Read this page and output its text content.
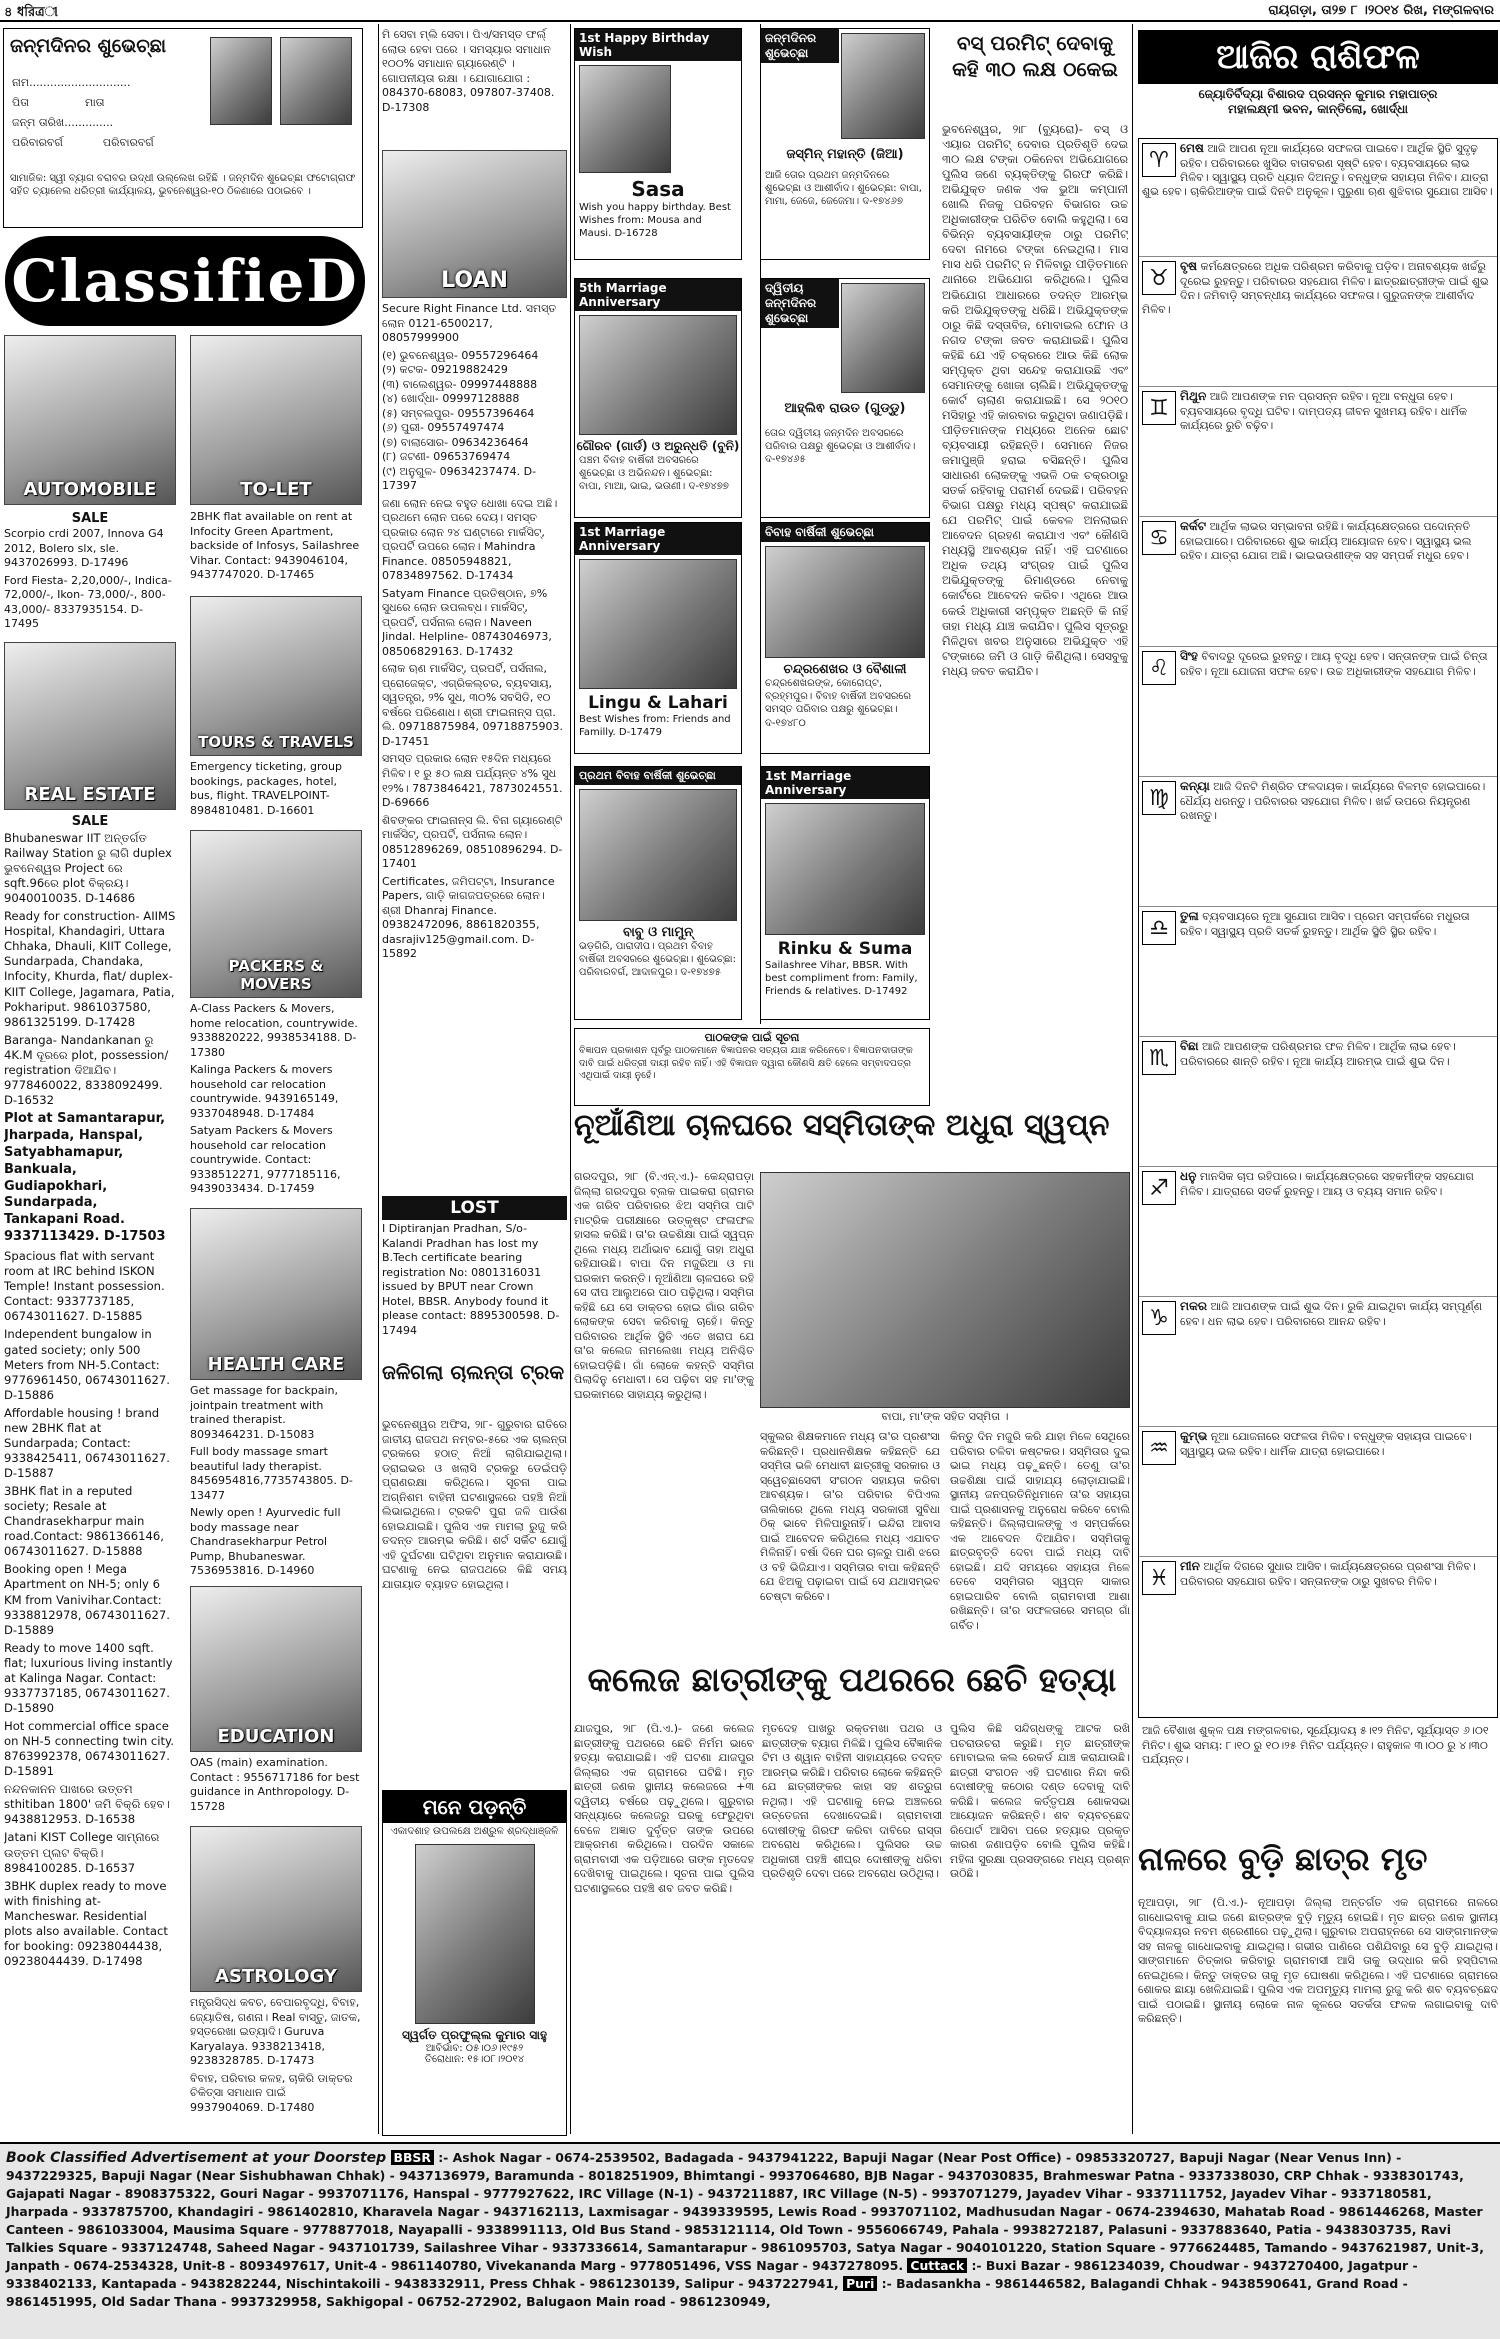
৪ ধরিত্রୀ	ରାୟଗଡ଼ା, ତା୨୭ ୮ ।୨୦୧୪ ରିଖ, ମଙ୍ଗଳବାର
ଜନ୍ମଦିନର ଶୁଭେଚ୍ଛା
ନାମ.............................
ପିତା	ମାତା
ଜନ୍ମ ତାରିଖ..............
ପରିବାରବର୍ଗ	ପରିବାରବର୍ଗ
ସାମାଜିକ: ସ୍ୱୀ ବ୍ୟାଗ ବରାବର ଉଦ୍ଧୀ ଉଲ୍ଲେଖ ରହିଛି । ଜନ୍ମଦିନ ଶୁଭେଚ୍ଛା ଫଟୋଗ୍ରାଫ ସହିତ ଚ୍ୟାନେଲ ଧରିତ୍ରୀ କାର୍ଯ୍ୟାଳୟ, ଭୁବନେଶ୍ୱର-୧୦ ଠିକଣାରେ ପଠାଇବେ ।
ClassifieD
AUTOMOBILE
SALE

Scorpio crdi 2007, Innova G4 2012, Bolero slx, sle. 9437026993. D-17496

Ford Fiesta- 2,20,000/-, Indica- 72,000/-, Ikon- 73,000/-, 800- 43,000/- 8337935154. D-17495

REAL ESTATE
SALE

Bhubaneswar IIT ଅନ୍ତର୍ଗତ Railway Station ରୁ ଲାଗି duplex ଭୁବନେଶ୍ୱର Project ରେ sqft.96ରେ plot ବିକ୍ରୟ। 9040010035. D-14686

Ready for construction- AIIMS Hospital, Khandagiri, Uttara Chhaka, Dhauli, KIIT College, Sundarpada, Chandaka, Infocity, Khurda, flat/ duplex- KIIT College, Jagamara, Patia, Pokhariput. 9861037580, 9861325199. D-17428

Baranga- Nandankanan ରୁ 4K.M ଦୂରରେ plot, possession/ registration ଦିଆଯିବ। 9778460022, 8338092499. D-16532

Plot at Samantarapur, Jharpada, Hanspal, Satyabhamapur, Bankuala, Gudiapokhari, Sundarpada, Tankapani Road. 9337113429. D-17503

Spacious flat with servant room at IRC behind ISKON Temple! Instant possession. Contact: 9337737185, 06743011627. D-15885

Independent bungalow in gated society; only 500 Meters from NH-5.Contact: 9776961450, 06743011627. D-15886

Affordable housing ! brand new 2BHK flat at Sundarpada; Contact: 9338425411, 06743011627. D-15887

3BHK flat in a reputed society; Resale at Chandrasekharpur main road.Contact: 9861366146, 06743011627. D-15888

Booking open ! Mega Apartment on NH-5; only 6 KM from Vanivihar.Contact: 9338812978, 06743011627. D-15889

Ready to move 1400 sqft. flat; luxurious living instantly at Kalinga Nagar. Contact: 9337737185, 06743011627. D-15890

Hot commercial office space on NH-5 connecting twin city. 8763992378, 06743011627. D-15891

ନନ୍ଦନକାନନ ପାଖରେ ଉତ୍ତମ sthitiban 1800' ଜମି ବିକ୍ରି ହେବ। 9438812953. D-16538

Jatani KIST College ସାମ୍ନାରେ ଉତ୍ତମ ପ୍ଲଟ ବିକ୍ରି। 8984100285. D-16537

3BHK duplex ready to move with finishing at-Mancheswar. Residential plots also available. Contact for booking: 09238044438, 09238044439. D-17498

TO-LET
2BHK flat available on rent at Infocity Green Apartment, backside of Infosys, Sailashree Vihar. Contact: 9439046104, 9437747020. D-17465
TOURS & TRAVELS
Emergency ticketing, group bookings, packages, hotel, bus, flight. TRAVELPOINT- 8984810481. D-16601
PACKERS & MOVERS

A-Class Packers & Movers, home relocation, countrywide. 9338820222, 9938534188. D-17380

Kalinga Packers & movers household car relocation countrywide. 9439165149, 9337048948. D-17484

Satyam Packers & Movers household car relocation countrywide. Contact: 9338512271, 9777185116, 9439033434. D-17459

HEALTH CARE

Get massage for backpain, jointpain treatment with trained therapist. 8093464231. D-15083

Full body massage smart beautiful lady therapist. 8456954816,7735743805. D-13477

Newly open ! Ayurvedic full body massage near Chandrasekharpur Petrol Pump, Bhubaneswar. 7536953816. D-14960

EDUCATION
OAS (main) examination. Contact : 9556717186 for best guidance in Anthropology. D-15728
ASTROLOGY

ମନ୍ତ୍ରସିଦ୍ଧ କବଚ, ବେପାରବୃଦ୍ଧି, ବିବାହ, ଜ୍ୟୋତିଷ, ଗଣନା। Real ବାସ୍ତୁ, ଜାତକ, ହସ୍ତରେଖା ଇତ୍ୟାଦି। Guruva Karyalaya. 9338213418, 9238328785. D-17473

ବିବାହ, ପରିବାର କଳହ, ଚାକିରି ଡାକ୍ତର ଚିକିତ୍ସା ସମାଧାନ ପାଇଁ 9937904069. D-17480

ମି ସେବା ମ୍ଲି ସେବା। ପିଏ/ସମସ୍ତ ଫର୍ଲ୍ ଲୋଉ ହେବା ପରେ । ସମସ୍ୟାର ସମାଧାନ ୧୦୦% ସମାଧାନ ଗ୍ୟାରେଣ୍ଟି । ଗୋପନୀୟତା ରକ୍ଷା । ଯୋଗାଯୋଗ : 084370-68083, 097807-37408. D-17308
LOAN

Secure Right Finance Ltd. ସମସ୍ତ ଲୋନ 0121-6500217, 08057999900

(୧) ଭୁବନେଶ୍ୱର- 09557296464
(୨) କଟକ- 09219882429
(୩) ବାଲେଶ୍ୱର- 09997448888
(୪) ଖୋର୍ଦ୍ଧା- 09997128888
(୫) ସମ୍ବଲପୁର- 09557396464
(୬) ପୁରୀ- 09557497474
(୭) ବାଲାସୋର- 09634236464
(୮) ଜଟଣୀ- 09653769474

(୯) ଅନୁଗୁଳ- 09634237474. D-17397

ଜଣା ଲୋନ ନେଇ ବହୁତ ଧୋଖା ଦେଇ ଅଛି। ପ୍ରଥମେ ଲୋନ ପରେ ଦେୟ। ସମସ୍ତ ପ୍ରକାର ଲୋନ ୨୪ ଘଣ୍ଟାରେ ମାର୍କସିଟ୍, ପ୍ରପର୍ଟି ଉପରେ ଲୋନ। Mahindra Finance. 08505948821, 07834897562. D-17434

Satyam Finance ପ୍ରତିଷ୍ଠାନ, ୭% ସୁଧରେ ଲୋନ ଉପଲବ୍ଧ। ମାର୍କସିଟ୍, ପ୍ରପର୍ଟି, ପର୍ସନାଲ ଲୋନ। Naveen Jindal. Helpline- 08743046973, 08506829163. D-17432

ଲୋକ ଋଣ ମାର୍କସିଟ୍, ପ୍ରପର୍ଟି, ପର୍ସନାଲ, ପ୍ରୋଜେକ୍ଟ, ଏଗ୍ରିକଲ୍ଚର, ବ୍ୟବସାୟ, ସ୍ୱତନ୍ତ୍ର, ୨% ସୁଧ, ୩୦% ସବସିଡି, ୧୦ ବର୍ଷରେ ପରିଶୋଧ। ଶ୍ରୀ ଫାଇନାନ୍ସ ପ୍ରା. ଲି. 09718875984, 09718875903. D-17451

ସମସ୍ତ ପ୍ରକାର ଲୋନ ୧୫ଦିନ ମଧ୍ୟରେ ମିଳିବ। ୧ ରୁ ୫୦ ଲକ୍ଷ ପର୍ଯ୍ୟନ୍ତ ୪% ସୁଧ ୧୨%। 7873846421, 7873024551. D-69666

ଶିବଙ୍କର ଫାଇନାନ୍ସ ଲି. ବିନା ଗ୍ୟାରେଣ୍ଟି ମାର୍କସିଟ୍, ପ୍ରପର୍ଟି, ପର୍ସନାଲ ଲୋନ। 08512896269, 08510896294. D-17401

Certificates, ଜମିପଟ୍ଟା, Insurance Papers, ଗାଡ଼ି କାଗଜପତ୍ରରେ ଲୋନ। ଶ୍ରୀ Dhanraj Finance. 09382472096, 8861820355, dasrajiv125@gmail.com. D-15892

LOST
I Diptiranjan Pradhan, S/o- Kalandi Pradhan has lost my B.Tech certificate bearing registration No: 0801316031 issued by BPUT near Crown Hotel, BBSR. Anybody found it please contact: 8895300598. D-17494
ଜଳିଗଲା ଚାଲନ୍ତା ଟ୍ରକ
ଭୁବନେଶ୍ୱର ଅଫିସ, ୨ା୮- ଗୁରୁବାର ରାତିରେ ଜାତୀୟ ରାଜପଥ ନମ୍ବର-୫ରେ ଏକ ଚାଲନ୍ତା ଟ୍ରକରେ ହଠାତ୍ ନିଆଁ ଲାଗିଯାଇଥିଲା। ଡ୍ରାଇଭର ଓ ଖଲାସି ଟ୍ରକରୁ ଡେଇଁପଡ଼ି ପ୍ରାଣରକ୍ଷା କରିଥିଲେ। ସୂଚନା ପାଇ ଅଗ୍ନିଶମ ବାହିନୀ ଘଟଣାସ୍ଥଳରେ ପହଞ୍ଚି ନିଆଁ ଲିଭାଇଥିଲେ। ଟ୍ରକଟି ପୁରା ଜଳି ପାଉଁଶ ହୋଇଯାଇଛି। ପୁଲିସ ଏକ ମାମଲା ରୁଜୁ କରି ତଦନ୍ତ ଆରମ୍ଭ କରିଛି। ଶର୍ଟ ସର୍କିଟ ଯୋଗୁଁ ଏହି ଦୁର୍ଘଟଣା ଘଟିଥିବା ଅନୁମାନ କରାଯାଉଛି। ଘଟଣାକୁ ନେଇ ରାଜପଥରେ କିଛି ସମୟ ଯାତାୟାତ ବ୍ୟାହତ ହୋଇଥିଲା।
ମନେ ପଡ଼ନ୍ତି
ଏକାଦଶାହ ଉପଲକ୍ଷେ ଅଶ୍ରୁଳ ଶ୍ରଦ୍ଧାଞ୍ଜଳି
ସ୍ୱର୍ଗତ ପ୍ରଫୁଲ୍ଲ କୁମାର ସାହୁ
ଆବିର୍ଭାବ: ୦୫।୦୬।୧୯୫୨
ତିରୋଧାନ: ୧୫।୦୮।୨୦୧୪
1st Happy Birthday Wish
Sasa
Wish you happy birthday. Best Wishes from: Mousa and Mausi. D-16728
ଜନ୍ମଦିନର ଶୁଭେଚ୍ଛା
ଜସ୍ମିନ୍ ମହାନ୍ତି (ଜିଆ)
ଆଜି ତୋର ପ୍ରଥମ ଜନ୍ମଦିନରେ ଶୁଭେଚ୍ଛା ଓ ଆଶୀର୍ବାଦ। ଶୁଭେଚ୍ଛା: ବାପା, ମାମା, ଜେଜେ, ଜେଜେମା। ଦ-୧୭୪୬୭
5th Marriage Anniversary
ଗୌରବ (ଗାର୍ଡ) ଓ ଅରୁନ୍ଧତି (ବୁନି)
ପଞ୍ଚମ ବିବାହ ବାର୍ଷିକୀ ଅବସରରେ ଶୁଭେଚ୍ଛା ଓ ଅଭିନନ୍ଦନ। ଶୁଭେଚ୍ଛା: ବାପା, ମାଆ, ଭାଇ, ଭଉଣୀ। ଦ-୧୭୪୭୭
ଦ୍ୱିତୀୟ ଜନ୍ମଦିନର ଶୁଭେଚ୍ଛା
ଆହ୍ଲିଵ ରାଉତ (ଗୁଡ୍ଡୁ)
ତୋର ଦ୍ୱିତୀୟ ଜନ୍ମଦିନ ଅବସରରେ ପରିବାର ପକ୍ଷରୁ ଶୁଭେଚ୍ଛା ଓ ଆଶୀର୍ବାଦ। ଦ-୧୭୪୬୫
1st Marriage Anniversary
Lingu & Lahari
Best Wishes from: Friends and Familly. D-17479
ବିବାହ ବାର୍ଷିକୀ ଶୁଭେଚ୍ଛା
ଚନ୍ଦ୍ରଶେଖର ଓ ବୈଶାଳୀ
ଚନ୍ଦ୍ରଶେଖରଙ୍କ, କୋରୋପ୍ଟ, ବ୍ରହ୍ମପୁର। ବିବାହ ବାର୍ଷିକୀ ଅବସରରେ ସମସ୍ତ ପରିବାର ପକ୍ଷରୁ ଶୁଭେଚ୍ଛା। ଦ-୧୭୪୮୦
ପ୍ରଥମ ବିବାହ ବାର୍ଷିକୀ ଶୁଭେଚ୍ଛା
ବାବୁ ଓ ମାମୁନ୍
ଭଡ଼ଗିରି, ପାରାଦୀପ। ପ୍ରଥମ ବିବାହ ବାର୍ଷିକୀ ଅବସରରେ ଶୁଭେଚ୍ଛା। ଶୁଭେଚ୍ଛା: ପରିବାରବର୍ଗ, ଆଦାଳପୁର। ଦ-୧୭୪୭୫
1st Marriage Anniversary
Rinku & Suma
Sailashree Vihar, BBSR. With best compliment from: Family, Friends & relatives. D-17492
ପାଠକଙ୍କ ପାଇଁ ସୂଚନା
ବିଜ୍ଞାପନ ପ୍ରକାଶନ ପୂର୍ବରୁ ପାଠକମାନେ ବିଜ୍ଞାପନର ସତ୍ୟତା ଯାଞ୍ଚ କରିନେବେ। ବିଜ୍ଞାପନଦାତାଙ୍କ ଦାବି ପାଇଁ ଧରିତ୍ରୀ ଦାୟୀ ରହିବ ନାହିଁ। ଏହି ବିଜ୍ଞାପନ ଦ୍ୱାରା କୌଣସି କ୍ଷତି ହେଲେ ସମ୍ବାଦପତ୍ର ଏଥିପାଇଁ ଦାୟୀ ନୁହେଁ।
ବସ୍ ପରମିଟ୍ ଦେବାକୁ କହି ୩୦ ଲକ୍ଷ ଠକେଇ
ଭୁବନେଶ୍ୱର, ୨ା୮ (ବ୍ୟୁରୋ)- ବସ୍ ଓ ଏୟାର ପରମିଟ୍ ଦେବାର ପ୍ରତିଶୃତି ଦେଇ ୩୦ ଲକ୍ଷ ଟଙ୍କା ଠକିନେବା ଅଭିଯୋଗରେ ପୁଲିସ ଜଣେ ବ୍ୟକ୍ତିଙ୍କୁ ଗିରଫ କରିଛି। ଅଭିଯୁକ୍ତ ଜଣକ ଏକ ଭୁଆ କମ୍ପାନୀ ଖୋଲି ନିଜକୁ ପରିବହନ ବିଭାଗର ଉଚ୍ଚ ଅଧିକାରୀଙ୍କ ପରିଚିତ ବୋଲି କହୁଥିଲା। ସେ ବିଭିନ୍ନ ବ୍ୟବସାୟୀଙ୍କ ଠାରୁ ପରମିଟ୍ ଦେବା ନାମରେ ଟଙ୍କା ନେଇଥିଲା। ମାସ ମାସ ଧରି ପରମିଟ୍ ନ ମିଳିବାରୁ ପୀଡ଼ିତମାନେ ଥାନାରେ ଅଭିଯୋଗ କରିଥିଲେ। ପୁଲିସ ଅଭିଯୋଗ ଆଧାରରେ ତଦନ୍ତ ଆରମ୍ଭ କରି ଅଭିଯୁକ୍ତଙ୍କୁ ଧରିଛି। ଅଭିଯୁକ୍ତଙ୍କ ଠାରୁ କିଛି ଦସ୍ତାବିଜ, ମୋବାଇଲ ଫୋନ ଓ ନଗଦ ଟଙ୍କା ଜବତ କରାଯାଇଛି। ପୁଲିସ କହିଛି ଯେ ଏହି ଚକ୍ରରେ ଆଉ କିଛି ଲୋକ ସମ୍ପୃକ୍ତ ଥିବା ସନ୍ଦେହ କରାଯାଉଛି ଏବଂ ସେମାନଙ୍କୁ ଖୋଜା ଚାଲିଛି। ଅଭିଯୁକ୍ତଙ୍କୁ କୋର୍ଟ ଚାଲାଣ କରାଯାଇଛି। ସେ ୨୦୧୦ ମସିହାରୁ ଏହି କାରବାର କରୁଥିବା ଜଣାପଡ଼ିଛି। ପୀଡ଼ିତମାନଙ୍କ ମଧ୍ୟରେ ଅନେକ ଛୋଟ ବ୍ୟବସାୟୀ ରହିଛନ୍ତି। ସେମାନେ ନିଜର ଜମାପୁଞ୍ଜି ହରାଇ ବସିଛନ୍ତି। ପୁଲିସ ସାଧାରଣ ଲୋକଙ୍କୁ ଏଭଳି ଠକ ଚକ୍ରଠାରୁ ସତର୍କ ରହିବାକୁ ପରାମର୍ଶ ଦେଇଛି। ପରିବହନ ବିଭାଗ ପକ୍ଷରୁ ମଧ୍ୟ ସ୍ପଷ୍ଟ କରାଯାଇଛି ଯେ ପରମିଟ୍ ପାଇଁ କେବଳ ଅନଲାଇନ ଆବେଦନ ଗ୍ରହଣ କରାଯାଏ ଏବଂ କୌଣସି ମଧ୍ୟସ୍ଥି ଆବଶ୍ୟକ ନାହିଁ। ଏହି ଘଟଣାରେ ଅଧିକ ତଥ୍ୟ ସଂଗ୍ରହ ପାଇଁ ପୁଲିସ ଅଭିଯୁକ୍ତଙ୍କୁ ରିମାଣ୍ଡରେ ନେବାକୁ କୋର୍ଟରେ ଆବେଦନ କରିବ। ଏଥିରେ ଆଉ କେଉଁ ଅଧିକାରୀ ସମ୍ପୃକ୍ତ ଅଛନ୍ତି କି ନାହିଁ ତାହା ମଧ୍ୟ ଯାଞ୍ଚ କରାଯିବ। ପୁଲିସ ସୂତ୍ରରୁ ମିଳିଥିବା ଖବର ଅନୁସାରେ ଅଭିଯୁକ୍ତ ଏହି ଟଙ୍କାରେ ଜମି ଓ ଗାଡ଼ି କିଣିଥିଲା। ସେସବୁକୁ ମଧ୍ୟ ଜବତ କରାଯିବ।
ନୂଆଁଣିଆ ଚାଳଘରେ ସସ୍ମିତାଙ୍କ ଅଧୁରା ସ୍ୱପ୍ନ
ଗରଦପୁର, ୨ା୮ (ବି.ଏନ୍.ଏ.)- କେନ୍ଦ୍ରାପଡ଼ା ଜିଲ୍ଲା ଗରଦପୁର ବ୍ଲକ ପାଇକରା ଗ୍ରାମର ଏକ ଗରିବ ପରିବାରର ଝିଅ ସସ୍ମିତା ପାଟି ମାଟ୍ରିକ ପରୀକ୍ଷାରେ ଉତ୍କୃଷ୍ଟ ଫଳାଫଳ ହାସଲ କରିଛି। ତା'ର ଉଚ୍ଚଶିକ୍ଷା ପାଇଁ ସ୍ୱପ୍ନ ଥିଲେ ମଧ୍ୟ ଅର୍ଥାଭାବ ଯୋଗୁଁ ତାହା ଅଧୁରା ରହିଯାଉଛି। ବାପା ଦିନ ମଜୁରିଆ ଓ ମା ଘରକାମ କରନ୍ତି। ନୂଆଁଣିଆ ଚାଳଘରେ ରହି ସେ ଦୀପ ଆଲୁଅରେ ପାଠ ପଢ଼ିଥିଲା। ସସ୍ମିତା କହିଛି ଯେ ସେ ଡାକ୍ତର ହୋଇ ଗାଁର ଗରିବ ଲୋକଙ୍କ ସେବା କରିବାକୁ ଚାହେଁ। କିନ୍ତୁ ପରିବାରର ଆର୍ଥିକ ସ୍ଥିତି ଏତେ ଖରାପ ଯେ ତା'ର କଲେଜ ନାମଲେଖା ମଧ୍ୟ ଅନିଶ୍ଚିତ ହୋଇପଡ଼ିଛି। ଗାଁ ଲୋକେ କହନ୍ତି ସସ୍ମିତା ପିଲାଦିନୁ ମେଧାବୀ। ସେ ପଢ଼ିବା ସହ ମା'ଙ୍କୁ ଘରକାମରେ ସାହାଯ୍ୟ କରୁଥିଲା।
ବାପା, ମା'ଙ୍କ ସହିତ ସସ୍ମିତା ।
ସ୍କୁଲର ଶିକ୍ଷକମାନେ ମଧ୍ୟ ତା'ର ପ୍ରଶଂସା କରିଛନ୍ତି। ପ୍ରଧାନଶିକ୍ଷକ କହିଛନ୍ତି ଯେ ସସ୍ମିତା ଭଳି ମେଧାବୀ ଛାତ୍ରୀକୁ ସରକାର ଓ ସ୍ୱେଚ୍ଛାସେବୀ ସଂଗଠନ ସହାୟତା କରିବା ଆବଶ୍ୟକ। ତା'ର ପରିବାର ବିପିଏଲ ତାଲିକାରେ ଥିଲେ ମଧ୍ୟ ସରକାରୀ ସୁବିଧା ଠିକ୍ ଭାବେ ମିଳିପାରୁନାହିଁ। ଇନ୍ଦିରା ଆବାସ ପାଇଁ ଆବେଦନ କରିଥିଲେ ମଧ୍ୟ ଏଯାବତ ମିଳିନାହିଁ। ବର୍ଷା ଦିନେ ଘର ଚାଳରୁ ପାଣି ଝରେ ଓ ବହି ଭିଜିଯାଏ। ସସ୍ମିତାର ବାପା କହିଛନ୍ତି ଯେ ଝିଅକୁ ପଢ଼ାଇବା ପାଇଁ ସେ ଯଥାସମ୍ଭବ ଚେଷ୍ଟା କରିବେ।
କିନ୍ତୁ ଦିନ ମଜୁରି କରି ଯାହା ମିଳେ ସେଥିରେ ପରିବାର ଚଳିବା କଷ୍ଟକର। ସସ୍ମିତାର ଦୁଇ ଭାଇ ମଧ୍ୟ ପଢ଼ୁଛନ୍ତି। ତେଣୁ ତା'ର ଉଚ୍ଚଶିକ୍ଷା ପାଇଁ ସାହାଯ୍ୟ ଲୋଡ଼ାଯାଇଛି। ସ୍ଥାନୀୟ ଜନପ୍ରତିନିଧିମାନେ ତା'ର ସହାୟତା ପାଇଁ ପ୍ରଶାସନକୁ ଅନୁରୋଧ କରିବେ ବୋଲି କହିଛନ୍ତି। ଜିଲ୍ଲାପାଳଙ୍କୁ ଏ ସମ୍ପର୍କରେ ଏକ ଆବେଦନ ଦିଆଯିବ। ସସ୍ମିତାକୁ ଛାତ୍ରବୃତ୍ତି ଦେବା ପାଇଁ ମଧ୍ୟ ଦାବି ହୋଇଛି। ଯଦି ସମୟରେ ସହାୟତା ମିଳେ ତେବେ ସସ୍ମିତାର ସ୍ୱପ୍ନ ସାକାର ହୋଇପାରିବ ବୋଲି ଗ୍ରାମବାସୀ ଆଶା ରଖିଛନ୍ତି। ତା'ର ସଫଳତାରେ ସମଗ୍ର ଗାଁ ଗର୍ବିତ।
କଲେଜ ଛାତ୍ରୀଙ୍କୁ ପଥରରେ ଛେଚି ହତ୍ୟା
ଯାଜପୁର, ୨ା୮ (ପି.ଏ.)- ଜଣେ କଲେଜ ଛାତ୍ରୀଙ୍କୁ ପଥରରେ ଛେଚି ନିର୍ମମ ଭାବେ ହତ୍ୟା କରାଯାଇଛି। ଏହି ଘଟଣା ଯାଜପୁର ଜିଲ୍ଲାର ଏକ ଗ୍ରାମରେ ଘଟିଛି। ମୃତ ଛାତ୍ରୀ ଜଣକ ସ୍ଥାନୀୟ କଲେଜରେ +୩ ଦ୍ୱିତୀୟ ବର୍ଷରେ ପଢ଼ୁଥିଲେ। ଗୁରୁବାର ସନ୍ଧ୍ୟାରେ କଲେଜରୁ ଘରକୁ ଫେରୁଥିବା ବେଳେ ଅଜ୍ଞାତ ଦୁର୍ବୃତ୍ତ ତାଙ୍କ ଉପରେ ଆକ୍ରମଣ କରିଥିଲେ। ପରଦିନ ସକାଳେ ଗ୍ରାମବାସୀ ଏକ ପଡ଼ିଆରେ ତାଙ୍କ ମୃତଦେହ ଦେଖିବାକୁ ପାଇଥିଲେ। ସୂଚନା ପାଇ ପୁଲିସ ଘଟଣାସ୍ଥଳରେ ପହଞ୍ଚି ଶବ ଜବତ କରିଛି।
ମୃତଦେହ ପାଖରୁ ରକ୍ତମଖା ପଥର ଓ ଛାତ୍ରୀଙ୍କ ବ୍ୟାଗ ମିଳିଛି। ପୁଲିସ ବୈଜ୍ଞାନିକ ଟିମ ଓ ଶ୍ୱାନ ବାହିନୀ ସାହାଯ୍ୟରେ ତଦନ୍ତ ଆରମ୍ଭ କରିଛି। ପରିବାର ଲୋକେ କହିଛନ୍ତି ଯେ ଛାତ୍ରୀଙ୍କର କାହା ସହ ଶତ୍ରୁତା ନଥିଲା। ଏହି ଘଟଣାକୁ ନେଇ ଅଞ୍ଚଳରେ ଉତ୍ତେଜନା ଦେଖାଦେଇଛି। ଗ୍ରାମବାସୀ ଦୋଷୀଙ୍କୁ ଗିରଫ କରିବା ଦାବିରେ ରାସ୍ତା ଅବରୋଧ କରିଥିଲେ। ପୁଲିସର ଉଚ୍ଚ ଅଧିକାରୀ ପହଞ୍ଚି ଶୀଘ୍ର ଦୋଷୀଙ୍କୁ ଧରିବା ପ୍ରତିଶୃତି ଦେବା ପରେ ଅବରୋଧ ଉଠିଥିଲା।
ପୁଲିସ କିଛି ସନ୍ଦିଗ୍ଧଙ୍କୁ ଆଟକ ରଖି ପଚରାଉଚରା କରୁଛି। ମୃତ ଛାତ୍ରୀଙ୍କ ମୋବାଇଲ କଲ ରେକର୍ଡ ଯାଞ୍ଚ କରାଯାଉଛି। ଛାତ୍ରୀ ସଂଗଠନ ଏହି ଘଟଣାର ନିନ୍ଦା କରି ଦୋଷୀଙ୍କୁ କଠୋର ଦଣ୍ଡ ଦେବାକୁ ଦାବି କରିଛି। କଲେଜ କର୍ତ୍ତୃପକ୍ଷ ଶୋକସଭା ଆୟୋଜନ କରିଛନ୍ତି। ଶବ ବ୍ୟବଚ୍ଛେଦ ରିପୋର୍ଟ ଆସିବା ପରେ ହତ୍ୟାର ପ୍ରକୃତ କାରଣ ଜଣାପଡ଼ିବ ବୋଲି ପୁଲିସ କହିଛି। ମହିଳା ସୁରକ୍ଷା ପ୍ରସଙ୍ଗରେ ମଧ୍ୟ ପ୍ରଶ୍ନ ଉଠିଛି।
ଆଜିର ରାଶିଫଳ
ଜ୍ୟୋତିର୍ବିଦ୍ୟା ବିଶାରଦ ପ୍ରସନ୍ନ କୁମାର ମହାପାତ୍ର
ମହାଲକ୍ଷ୍ମୀ ଭବନ, କାନ୍ତିଲୋ, ଖୋର୍ଦ୍ଧା
♈ ମେଷ ଆଜି ଆପଣ ନୂଆ କାର୍ଯ୍ୟରେ ସଫଳତା ପାଇବେ। ଆର୍ଥିକ ସ୍ଥିତି ସୁଦୃଢ଼ ରହିବ। ପରିବାରରେ ଖୁସିର ବାତାବରଣ ସୃଷ୍ଟି ହେବ। ବ୍ୟବସାୟରେ ଲାଭ ମିଳିବ। ସ୍ୱାସ୍ଥ୍ୟ ପ୍ରତି ଧ୍ୟାନ ଦିଅନ୍ତୁ। ବନ୍ଧୁଙ୍କ ସହାୟତା ମିଳିବ। ଯାତ୍ରା ଶୁଭ ହେବ। ଚାକିରିଆଙ୍କ ପାଇଁ ଦିନଟି ଅନୁକୂଳ। ପୁରୁଣା ଋଣ ଶୁଝିବାର ସୁଯୋଗ ଆସିବ।
♉ ବୃଷ କର୍ମକ୍ଷେତ୍ରରେ ଅଧିକ ପରିଶ୍ରମ କରିବାକୁ ପଡ଼ିବ। ଅନାବଶ୍ୟକ ଖର୍ଚ୍ଚରୁ ଦୂରେଇ ରୁହନ୍ତୁ। ପରିବାରର ସହଯୋଗ ମିଳିବ। ଛାତ୍ରଛାତ୍ରୀଙ୍କ ପାଇଁ ଶୁଭ ଦିନ। ଜମିବାଡ଼ି ସମ୍ବନ୍ଧୀୟ କାର୍ଯ୍ୟରେ ସଫଳତା। ଗୁରୁଜନଙ୍କ ଆଶୀର୍ବାଦ ମିଳିବ।
♊ ମିଥୁନ ଆଜି ଆପଣଙ୍କ ମନ ପ୍ରସନ୍ନ ରହିବ। ନୂଆ ବନ୍ଧୁତା ହେବ। ବ୍ୟବସାୟରେ ବୃଦ୍ଧି ଘଟିବ। ଦାମ୍ପତ୍ୟ ଜୀବନ ସୁଖମୟ ରହିବ। ଧାର୍ମିକ କାର୍ଯ୍ୟରେ ରୁଚି ବଢ଼ିବ।
♋ କର୍କଟ ଆର୍ଥିକ ଲାଭର ସମ୍ଭାବନା ରହିଛି। କାର୍ଯ୍ୟକ୍ଷେତ୍ରରେ ପଦୋନ୍ନତି ହୋଇପାରେ। ପରିବାରରେ ଶୁଭ କାର୍ଯ୍ୟ ଆୟୋଜନ ହେବ। ସ୍ୱାସ୍ଥ୍ୟ ଭଲ ରହିବ। ଯାତ୍ରା ଯୋଗ ଅଛି। ଭାଇଭଉଣୀଙ୍କ ସହ ସମ୍ପର୍କ ମଧୁର ହେବ।
♌ ସିଂହ ବିବାଦରୁ ଦୂରେଇ ରୁହନ୍ତୁ। ଆୟ ବୃଦ୍ଧି ହେବ। ସନ୍ତାନଙ୍କ ପାଇଁ ଚିନ୍ତା ରହିବ। ନୂଆ ଯୋଜନା ସଫଳ ହେବ। ଉଚ୍ଚ ଅଧିକାରୀଙ୍କ ସହଯୋଗ ମିଳିବ।
♍ କନ୍ୟା ଆଜି ଦିନଟି ମିଶ୍ରିତ ଫଳଦାୟକ। କାର୍ଯ୍ୟରେ ବିଳମ୍ବ ହୋଇପାରେ। ଧୈର୍ଯ୍ୟ ଧରନ୍ତୁ। ପରିବାରର ସହଯୋଗ ମିଳିବ। ଖର୍ଚ୍ଚ ଉପରେ ନିୟନ୍ତ୍ରଣ ରଖନ୍ତୁ।
♎ ତୁଳା ବ୍ୟବସାୟରେ ନୂଆ ସୁଯୋଗ ଆସିବ। ପ୍ରେମ ସମ୍ପର୍କରେ ମଧୁରତା ରହିବ। ସ୍ୱାସ୍ଥ୍ୟ ପ୍ରତି ସତର୍କ ରୁହନ୍ତୁ। ଆର୍ଥିକ ସ୍ଥିତି ସ୍ଥିର ରହିବ।
♏ ବିଛା ଆଜି ଆପଣଙ୍କ ପରିଶ୍ରମର ଫଳ ମିଳିବ। ଆର୍ଥିକ ଲାଭ ହେବ। ପରିବାରରେ ଶାନ୍ତି ରହିବ। ନୂଆ କାର୍ଯ୍ୟ ଆରମ୍ଭ ପାଇଁ ଶୁଭ ଦିନ।
♐ ଧନୁ ମାନସିକ ଚାପ ରହିପାରେ। କାର୍ଯ୍ୟକ୍ଷେତ୍ରରେ ସହକର୍ମୀଙ୍କ ସହଯୋଗ ମିଳିବ। ଯାତ୍ରାରେ ସତର୍କ ରୁହନ୍ତୁ। ଆୟ ଓ ବ୍ୟୟ ସମାନ ରହିବ।
♑ ମକର ଆଜି ଆପଣଙ୍କ ପାଇଁ ଶୁଭ ଦିନ। ରୁକି ଯାଇଥିବା କାର୍ଯ୍ୟ ସମ୍ପୂର୍ଣ୍ଣ ହେବ। ଧନ ଲାଭ ହେବ। ପରିବାରରେ ଆନନ୍ଦ ରହିବ।
♒ କୁମ୍ଭ ନୂଆ ଯୋଜନାରେ ସଫଳତା ମିଳିବ। ବନ୍ଧୁଙ୍କ ସହାୟତା ପାଇବେ। ସ୍ୱାସ୍ଥ୍ୟ ଭଲ ରହିବ। ଧାର୍ମିକ ଯାତ୍ରା ହୋଇପାରେ।
♓ ମୀନ ଆର୍ଥିକ ଦିଗରେ ସୁଧାର ଆସିବ। କାର୍ଯ୍ୟକ୍ଷେତ୍ରରେ ପ୍ରଶଂସା ମିଳିବ। ପରିବାରର ସହଯୋଗ ରହିବ। ସନ୍ତାନଙ୍କ ଠାରୁ ସୁଖବର ମିଳିବ।
ଆଜି ବୈଶାଖ ଶୁକ୍ଳ ପକ୍ଷ ମଙ୍ଗଳବାର, ସୂର୍ଯ୍ୟୋଦୟ ୫।୧୨ ମିନିଟ, ସୂର୍ଯ୍ୟାସ୍ତ ୬।୦୧ ମିନିଟ। ଶୁଭ ସମୟ: ୮।୧୦ ରୁ ୧୦।୨୫ ମିନିଟ ପର୍ଯ୍ୟନ୍ତ। ରାହୁକାଳ ୩।୦୦ ରୁ ୪।୩୦ ପର୍ଯ୍ୟନ୍ତ।
ନାଳରେ ବୁଡ଼ି ଛାତ୍ର ମୃତ
ନୂଆପଡ଼ା, ୨ା୮ (ପି.ଏ.)- ନୂଆପଡ଼ା ଜିଲ୍ଲା ଅନ୍ତର୍ଗତ ଏକ ଗ୍ରାମରେ ନାଳରେ ଗାଧୋଇବାକୁ ଯାଇ ଜଣେ ଛାତ୍ରଙ୍କ ବୁଡ଼ି ମୃତ୍ୟୁ ହୋଇଛି। ମୃତ ଛାତ୍ର ଜଣକ ସ୍ଥାନୀୟ ବିଦ୍ୟାଳୟର ନବମ ଶ୍ରେଣୀରେ ପଢ଼ୁଥିଲା। ଗୁରୁବାର ଅପରାହ୍ନରେ ସେ ସାଙ୍ଗମାନଙ୍କ ସହ ନାଳକୁ ଗାଧୋଇବାକୁ ଯାଇଥିଲା। ଗଭୀର ପାଣିରେ ପଶିଯିବାରୁ ସେ ବୁଡ଼ି ଯାଇଥିଲା। ସାଙ୍ଗମାନେ ଚିତ୍କାର କରିବାରୁ ଗ୍ରାମବାସୀ ଆସି ତାକୁ ଉଦ୍ଧାର କରି ହସ୍ପିଟାଲ ନେଇଥିଲେ। କିନ୍ତୁ ଡାକ୍ତର ତାକୁ ମୃତ ଘୋଷଣା କରିଥିଲେ। ଏହି ଘଟଣାରେ ଗ୍ରାମରେ ଶୋକର ଛାୟା ଖେଳିଯାଇଛି। ପୁଲିସ ଏକ ଅପମୃତ୍ୟୁ ମାମଲା ରୁଜୁ କରି ଶବ ବ୍ୟବଚ୍ଛେଦ ପାଇଁ ପଠାଇଛି। ସ୍ଥାନୀୟ ଲୋକେ ନାଳ କୂଳରେ ସତର୍କତା ଫଳକ ଲଗାଇବାକୁ ଦାବି କରିଛନ୍ତି।
Book Classified Advertisement at your Doorstep BBSR :- Ashok Nagar - 0674-2539502, Badagada - 9437941222, Bapuji Nagar (Near Post Office) - 09853320727, Bapuji Nagar (Near Venus Inn) - 9437229325, Bapuji Nagar (Near Sishubhawan Chhak) - 9437136979, Baramunda - 8018251909, Bhimtangi - 9937064680, BJB Nagar - 9437030835, Brahmeswar Patna - 9337338030, CRP Chhak - 9338301743, Gajapati Nagar - 8908375322, Gouri Nagar - 9937071176, Hanspal - 9777927622, IRC Village (N-1) - 9437211887, IRC Village (N-5) - 9937071279, Jayadev Vihar - 9337111752, Jayadev Vihar - 9337180581, Jharpada - 9337875700, Khandagiri - 9861402810, Kharavela Nagar - 9437162113, Laxmisagar - 9439339595, Lewis Road - 9937071102, Madhusudan Nagar - 0674-2394630, Mahatab Road - 9861446268, Master Canteen - 9861033004, Mausima Square - 9778877018, Nayapalli - 9338991113, Old Bus Stand - 9853121114, Old Town - 9556066749, Pahala - 9938272187, Palasuni - 9337883640, Patia - 9438303735, Ravi Talkies Square - 9337124748, Saheed Nagar - 9437101739, Sailashree Vihar - 9337336614, Samantarapur - 9861095703, Satya Nagar - 9040101220, Station Square - 9776624485, Tamando - 9437621987, Unit-3, Janpath - 0674-2534328, Unit-8 - 8093497617, Unit-4 - 9861140780, Vivekananda Marg - 9778051496, VSS Nagar - 9437278095. Cuttack :- Buxi Bazar - 9861234039, Choudwar - 9437270400, Jagatpur - 9338402133, Kantapada - 9438282244, Nischintakoili - 9438332911, Press Chhak - 9861230139, Salipur - 9437227941, Puri :- Badasankha - 9861446582, Balagandi Chhak - 9438590641, Grand Road - 9861451995, Old Sadar Thana - 9937329958, Sakhigopal - 06752-272902, Balugaon Main road - 9861230949,
